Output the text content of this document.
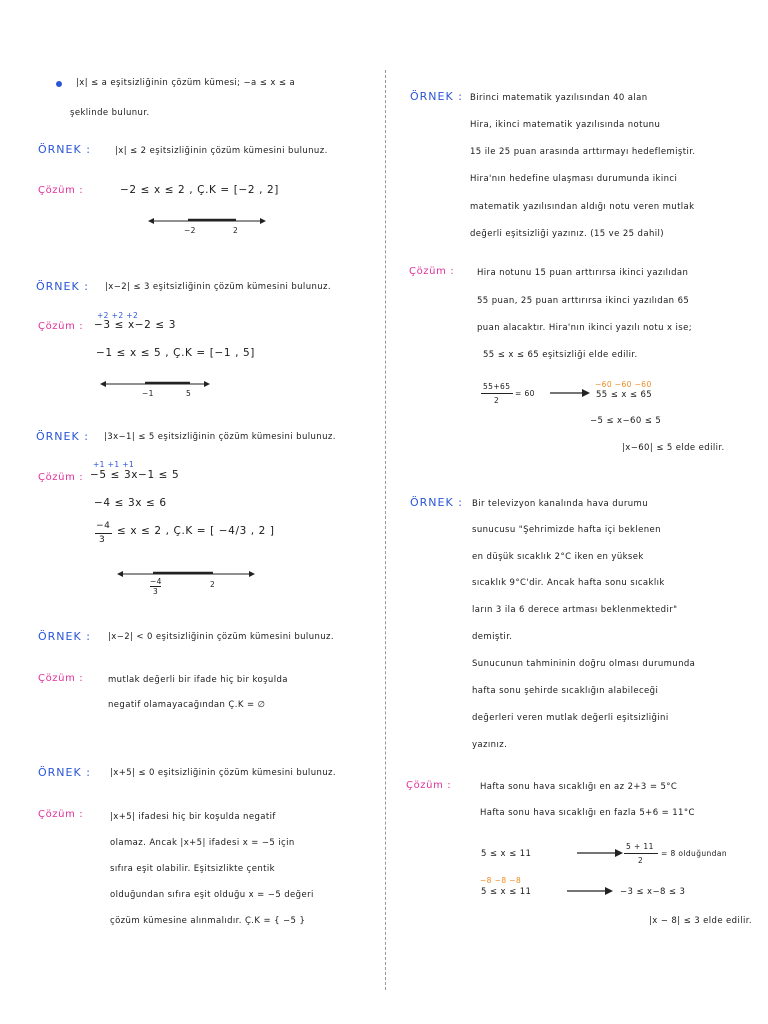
|x| ≤ a eşitsizliğinin çözüm kümesi; −a ≤ x ≤ a
şeklinde bulunur.
ÖRNEK :	|x| ≤ 2 eşitsizliğinin çözüm kümesini bulunuz.
Çözüm :	−2 ≤ x ≤ 2 , Ç.K = [−2 , 2]
−2	2
ÖRNEK : |x−2| ≤ 3 eşitsizliğinin çözüm kümesini bulunuz.
+2 +2 +2
Çözüm : −3 ≤ x−2 ≤ 3
−1 ≤ x ≤ 5 , Ç.K = [−1 , 5]
−1	5
ÖRNEK : |3x−1| ≤ 5 eşitsizliğinin çözüm kümesini bulunuz.
+1 +1 +1
Çözüm : −5 ≤ 3x−1 ≤ 5
−4 ≤ 3x ≤ 6
−4
3
≤ x ≤ 2 , Ç.K = [ −4/3 , 2 ]
−4
3
2
ÖRNEK : |x−2| < 0 eşitsizliğinin çözüm kümesini bulunuz.
Çözüm :	mutlak değerli bir ifade hiç bir koşulda
negatif olamayacağından Ç.K = ∅
ÖRNEK : |x+5| ≤ 0 eşitsizliğinin çözüm kümesini bulunuz.
Çözüm :	|x+5| ifadesi hiç bir koşulda negatif
olamaz. Ancak |x+5| ifadesi x = −5 için
sıfıra eşit olabilir. Eşitsizlikte çentik
olduğundan sıfıra eşit olduğu x = −5 değeri
çözüm kümesine alınmalıdır. Ç.K = { −5 }
ÖRNEK : Birinci matematik yazılısından 40 alan
Hira, ikinci matematik yazılısında notunu
15 ile 25 puan arasında arttırmayı hedeflemiştir.
Hira'nın hedefine ulaşması durumunda ikinci
matematik yazılısından aldığı notu veren mutlak
değerli eşitsizliği yazınız. (15 ve 25 dahil)
Çözüm :	Hira notunu 15 puan arttırırsa ikinci yazılıdan
55 puan, 25 puan arttırırsa ikinci yazılıdan 65
puan alacaktır. Hira'nın ikinci yazılı notu x ise;
55 ≤ x ≤ 65 eşitsizliği elde edilir.
55+65
2
= 60
−60 −60 −60
55 ≤ x ≤ 65
−5 ≤ x−60 ≤ 5
|x−60| ≤ 5 elde edilir.
ÖRNEK : Bir televizyon kanalında hava durumu
sunucusu "Şehrimizde hafta içi beklenen
en düşük sıcaklık 2°C iken en yüksek
sıcaklık 9°C'dir. Ancak hafta sonu sıcaklık
ların 3 ila 6 derece artması beklenmektedir"
demiştir.
Sunucunun tahmininin doğru olması durumunda
hafta sonu şehirde sıcaklığın alabileceği
değerleri veren mutlak değerli eşitsizliğini
yazınız.
Çözüm :	Hafta sonu hava sıcaklığı en az 2+3 = 5°C
Hafta sonu hava sıcaklığı en fazla 5+6 = 11°C
5 ≤ x ≤ 11
5 + 11
2
= 8 olduğundan
−8 −8 −8
5 ≤ x ≤ 11	−3 ≤ x−8 ≤ 3
|x − 8| ≤ 3 elde edilir.
